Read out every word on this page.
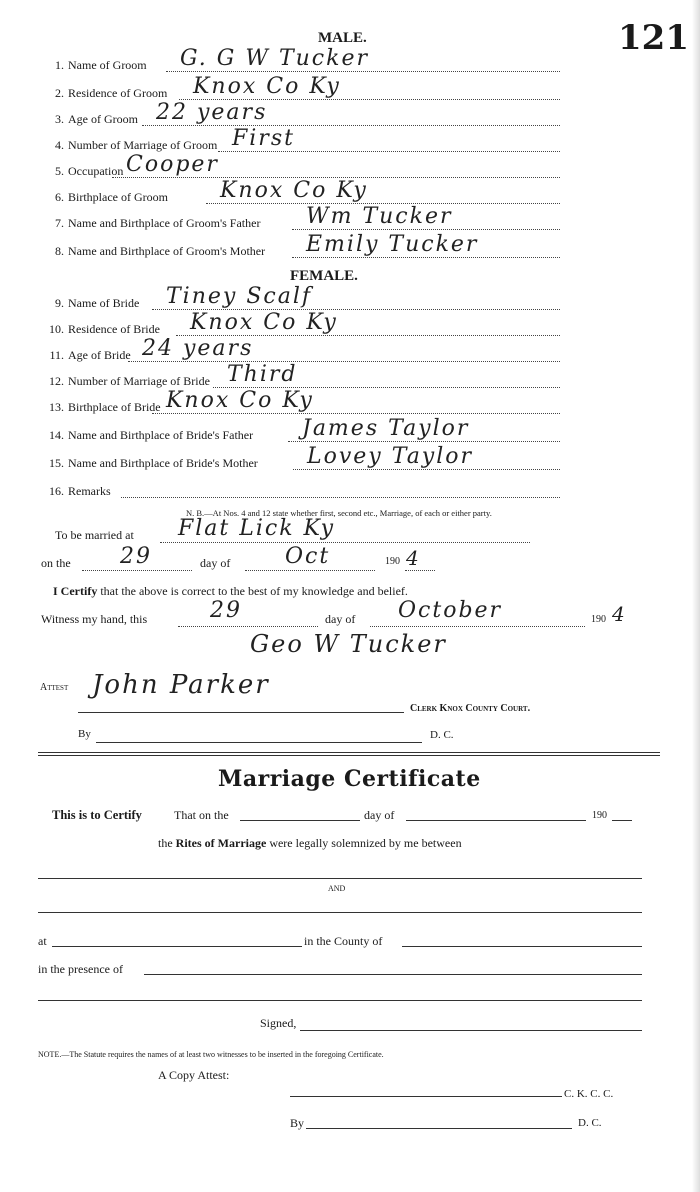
121
MALE.
1. Name of Groom G. G W Tucker
2. Residence of Groom Knox Co Ky
3. Age of Groom 22 years
4. Number of Marriage of Groom First
5. Occupation Cooper
6. Birthplace of Groom Knox Co Ky
7. Name and Birthplace of Groom's Father Wm Tucker
8. Name and Birthplace of Groom's Mother Emily Tucker
FEMALE.
9. Name of Bride Tiney Scalf
10. Residence of Bride Knox Co Ky
11. Age of Bride 24 years
12. Number of Marriage of Bride Third
13. Birthplace of Bride Knox Co Ky
14. Name and Birthplace of Bride's Father James Taylor
15. Name and Birthplace of Bride's Mother Lovey Taylor
16. Remarks
N. B.—At Nos. 4 and 12 state whether first, second etc., Marriage, of each or either party.
To be married at Flat Lick Ky
on the 29	day of Oct	190 4
I Certify that the above is correct to the best of my knowledge and belief.
Witness my hand, this	29	day of October	190 4
Geo W Tucker
Attest John Parker
Clerk Knox County Court.
By	D. C.
Marriage Certificate
This is to Certify	That on the	day of	190
the Rites of Marriage were legally solemnized by me between
AND
at	in the County of
in the presence of
Signed,
NOTE.—The Statute requires the names of at least two witnesses to be inserted in the foregoing Certificate.
A Copy Attest:
C. K. C. C.
By	D. C.
